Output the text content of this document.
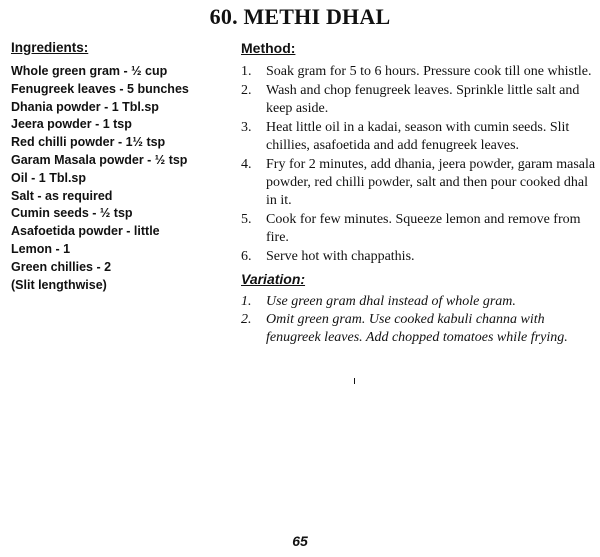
60. METHI DHAL
Ingredients:
Whole green gram - ½ cup
Fenugreek leaves - 5 bunches
Dhania powder - 1 Tbl.sp
Jeera powder - 1 tsp
Red chilli powder - 1½ tsp
Garam Masala powder - ½ tsp
Oil - 1 Tbl.sp
Salt - as required
Cumin seeds - ½ tsp
Asafoetida powder - little
Lemon - 1
Green chillies - 2
(Slit lengthwise)
Method:
1.	Soak gram for 5 to 6 hours. Pressure cook till one whistle.
2.	Wash and chop fenugreek leaves. Sprinkle little salt and keep aside.
3.	Heat little oil in a kadai, season with cumin seeds. Slit chillies, asafoetida and add fenugreek leaves.
4.	Fry for 2 minutes, add dhania, jeera powder, garam masala powder, red chilli powder, salt and then pour cooked dhal in it.
5.	Cook for few minutes. Squeeze lemon and remove from fire.
6.	Serve hot with chappathis.
Variation:
1.	Use green gram dhal instead of whole gram.
2.	Omit green gram. Use cooked kabuli channa with fenugreek leaves. Add chopped tomatoes while frying.
65
